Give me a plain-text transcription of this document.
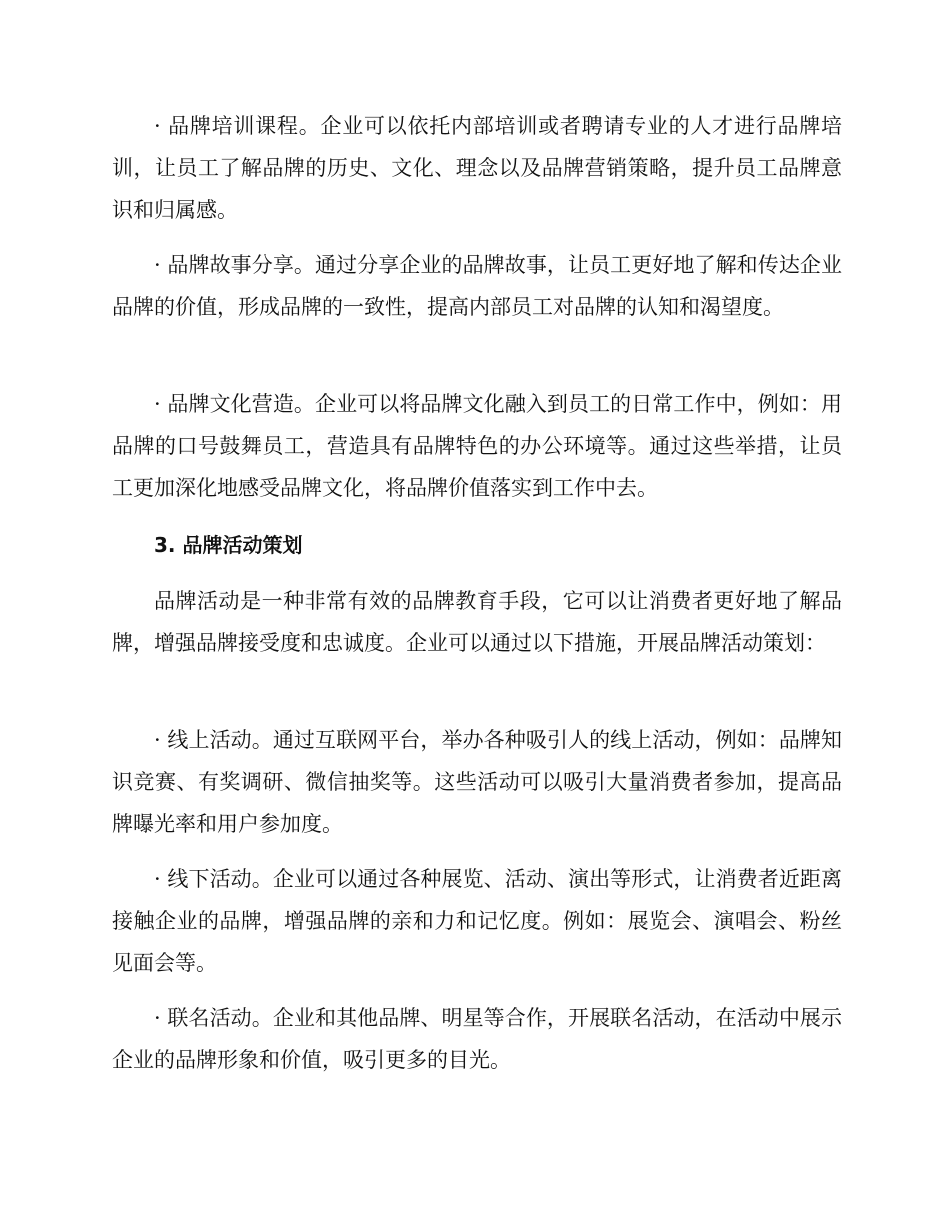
· 品牌培训课程。企业可以依托内部培训或者聘请专业的人才进行品牌培训，让员工了解品牌的历史、文化、理念以及品牌营销策略，提升员工品牌意识和归属感。

· 品牌故事分享。通过分享企业的品牌故事，让员工更好地了解和传达企业品牌的价值，形成品牌的一致性，提高内部员工对品牌的认知和渴望度。

· 品牌文化营造。企业可以将品牌文化融入到员工的日常工作中，例如：用品牌的口号鼓舞员工，营造具有品牌特色的办公环境等。通过这些举措，让员工更加深化地感受品牌文化，将品牌价值落实到工作中去。

3. 品牌活动策划

品牌活动是一种非常有效的品牌教育手段，它可以让消费者更好地了解品牌，增强品牌接受度和忠诚度。企业可以通过以下措施，开展品牌活动策划：

· 线上活动。通过互联网平台，举办各种吸引人的线上活动，例如：品牌知识竞赛、有奖调研、微信抽奖等。这些活动可以吸引大量消费者参加，提高品牌曝光率和用户参加度。

· 线下活动。企业可以通过各种展览、活动、演出等形式，让消费者近距离接触企业的品牌，增强品牌的亲和力和记忆度。例如：展览会、演唱会、粉丝见面会等。

· 联名活动。企业和其他品牌、明星等合作，开展联名活动，在活动中展示企业的品牌形象和价值，吸引更多的目光。
